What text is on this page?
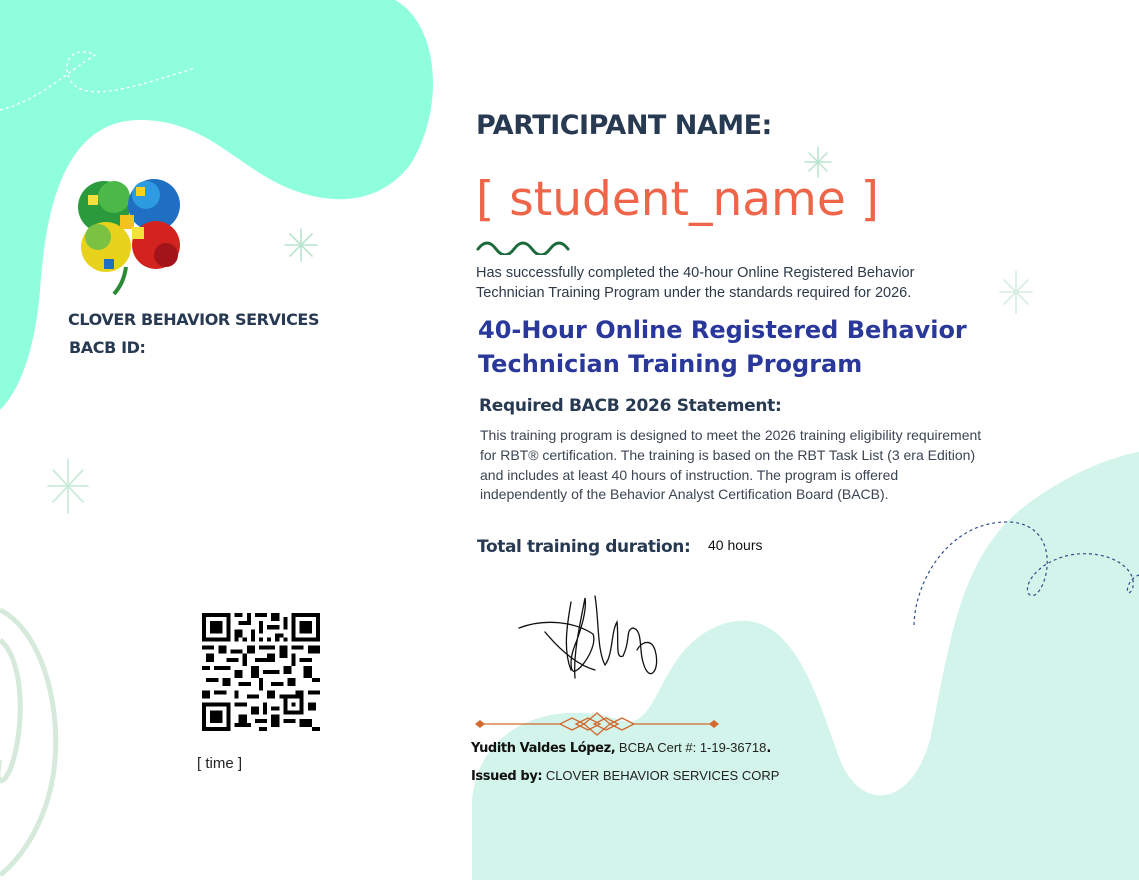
CLOVER BEHAVIOR SERVICES
BACB ID:
[ time ]
PARTICIPANT NAME:
[ student_name ]
Has successfully completed the 40-hour Online Registered Behavior Technician Training Program under the standards required for 2026.
40-Hour Online Registered Behavior Technician Training Program
Required BACB 2026 Statement:
This training program is designed to meet the 2026 training eligibility requirement for RBT® certification. The training is based on the RBT Task List (3 era Edition) and includes at least 40 hours of instruction. The program is offered independently of the Behavior Analyst Certification Board (BACB).
Total training duration: 40 hours
Yudith Valdes López, BCBA Cert #: 1-19-36718.
Issued by: CLOVER BEHAVIOR SERVICES CORP
